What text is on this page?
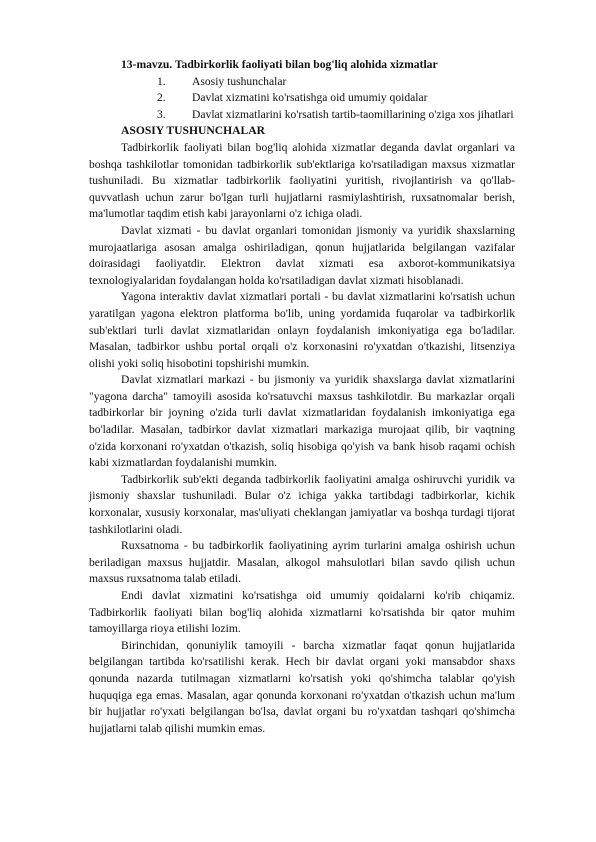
13-mavzu. Tadbirkorlik faoliyati bilan bog'liq alohida xizmatlar

1.	Asosiy tushunchalar
2.	Davlat xizmatini ko'rsatishga oid umumiy qoidalar
3.	Davlat xizmatlarini ko'rsatish tartib-taomillarining o'ziga xos jihatlari

ASOSIY TUSHUNCHALAR

Tadbirkorlik faoliyati bilan bog'liq alohida xizmatlar deganda davlat organlari va boshqa tashkilotlar tomonidan tadbirkorlik sub'ektlariga ko'rsatiladigan maxsus xizmatlar tushuniladi. Bu xizmatlar tadbirkorlik faoliyatini yuritish, rivojlantirish va qo'llab-quvvatlash uchun zarur bo'lgan turli hujjatlarni rasmiylashtirish, ruxsatnomalar berish, ma'lumotlar taqdim etish kabi jarayonlarni o'z ichiga oladi.

Davlat xizmati - bu davlat organlari tomonidan jismoniy va yuridik shaxslarning murojaatlariga asosan amalga oshiriladigan, qonun hujjatlarida belgilangan vazifalar doirasidagi faoliyatdir. Elektron davlat xizmati esa axborot-kommunikatsiya texnologiyalaridan foydalangan holda ko'rsatiladigan davlat xizmati hisoblanadi.

Yagona interaktiv davlat xizmatlari portali - bu davlat xizmatlarini ko'rsatish uchun yaratilgan yagona elektron platforma bo'lib, uning yordamida fuqarolar va tadbirkorlik sub'ektlari turli davlat xizmatlaridan onlayn foydalanish imkoniyatiga ega bo'ladilar. Masalan, tadbirkor ushbu portal orqali o'z korxonasini ro'yxatdan o'tkazishi, litsenziya olishi yoki soliq hisobotini topshirishi mumkin.

Davlat xizmatlari markazi - bu jismoniy va yuridik shaxslarga davlat xizmatlarini "yagona darcha" tamoyili asosida ko'rsatuvchi maxsus tashkilotdir. Bu markazlar orqali tadbirkorlar bir joyning o'zida turli davlat xizmatlaridan foydalanish imkoniyatiga ega bo'ladilar. Masalan, tadbirkor davlat xizmatlari markaziga murojaat qilib, bir vaqtning o'zida korxonani ro'yxatdan o'tkazish, soliq hisobiga qo'yish va bank hisob raqami ochish kabi xizmatlardan foydalanishi mumkin.

Tadbirkorlik sub'ekti deganda tadbirkorlik faoliyatini amalga oshiruvchi yuridik va jismoniy shaxslar tushuniladi. Bular o'z ichiga yakka tartibdagi tadbirkorlar, kichik korxonalar, xususiy korxonalar, mas'uliyati cheklangan jamiyatlar va boshqa turdagi tijorat tashkilotlarini oladi.

Ruxsatnoma - bu tadbirkorlik faoliyatining ayrim turlarini amalga oshirish uchun beriladigan maxsus hujjatdir. Masalan, alkogol mahsulotlari bilan savdo qilish uchun maxsus ruxsatnoma talab etiladi.

Endi davlat xizmatini ko'rsatishga oid umumiy qoidalarni ko'rib chiqamiz. Tadbirkorlik faoliyati bilan bog'liq alohida xizmatlarni ko'rsatishda bir qator muhim tamoyillarga rioya etilishi lozim.

Birinchidan, qonuniylik tamoyili - barcha xizmatlar faqat qonun hujjatlarida belgilangan tartibda ko'rsatilishi kerak. Hech bir davlat organi yoki mansabdor shaxs qonunda nazarda tutilmagan xizmatlarni ko'rsatish yoki qo'shimcha talablar qo'yish huquqiga ega emas. Masalan, agar qonunda korxonani ro'yxatdan o'tkazish uchun ma'lum bir hujjatlar ro'yxati belgilangan bo'lsa, davlat organi bu ro'yxatdan tashqari qo'shimcha hujjatlarni talab qilishi mumkin emas.
